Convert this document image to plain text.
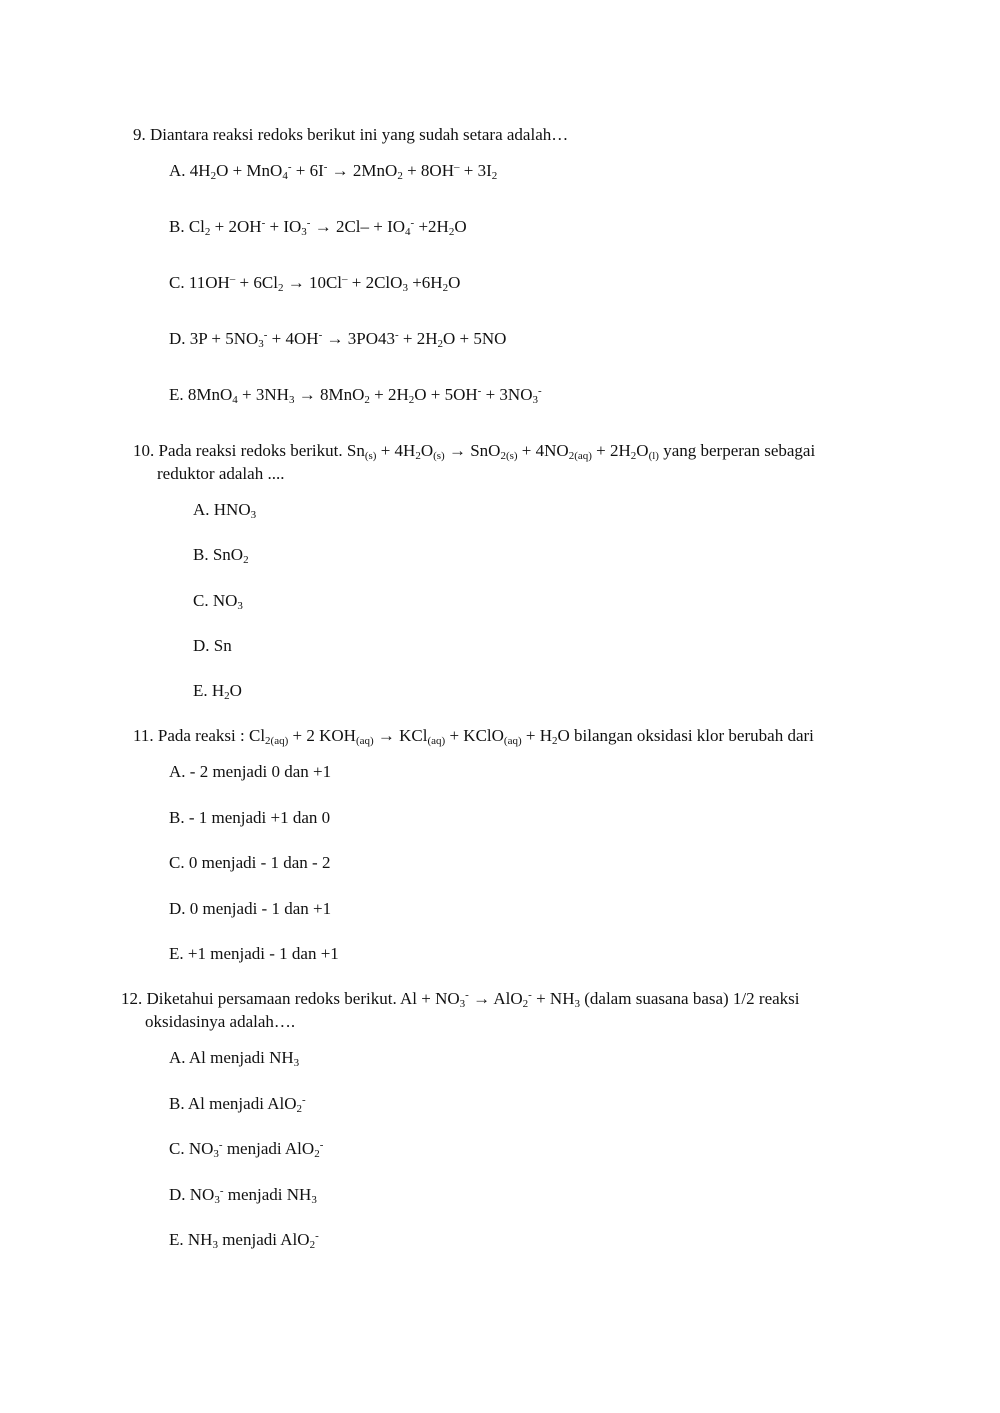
9. Diantara reaksi redoks berikut ini yang sudah setara adalah…
A. $4H_2O + MnO_4^- + 6I^- \to 2MnO_2 + 8OH^- + 3I_2$
B. $Cl_2 + 2OH^- + IO_3^- \to 2Cl- + IO_4^- +2H_2O$
C. $11OH^- + 6Cl_2 \to 10Cl^- + 2ClO_3 +6H_2O$
D. $3P + 5NO_3^- + 4OH^- \to 3PO43^- + 2H_2O + 5NO$
E. $8MnO_4 + 3NH_3 \to 8MnO_2 + 2H_2O + 5OH^- + 3NO_3^-$
10. Pada reaksi redoks berikut. $Sn_{(s)} + 4H_2O_{(s)} \to SnO_{2(s)} + 4NO_{2(aq)} + 2H_2O_{(l)}$ yang berperan sebagai
reduktor adalah ....
A. $HNO_3$
B. SnO$_2$
C. $NO_3$
D. Sn
E. $H_2O$
11. Pada reaksi : $Cl_{2(aq)} + 2$ $KOH_{(aq)} \to KCl_{(aq)}$ + KClO$_{(aq)}$ + $H_2O$ bilangan oksidasi klor berubah dari
A. - 2 menjadi 0 dan +1
B. - 1 menjadi +1 dan 0
C. 0 menjadi - 1 dan - 2
D. 0 menjadi - 1 dan +1
E. +1 menjadi - 1 dan +1
12. Diketahui persamaan redoks berikut. $Al + NO_3^- \to AlO_2^- + NH_3$ (dalam suasana basa) 1/2 reaksi
oksidasinya adalah….
A. Al menjadi $NH_3$
B. Al menjadi AlO$_2$-
C. $NO_3^-$ menjadi AlO$_2$-
D. $NO_3^-$ menjadi $NH_3$
E. $NH_3$ menjadi AlO$_2$-
